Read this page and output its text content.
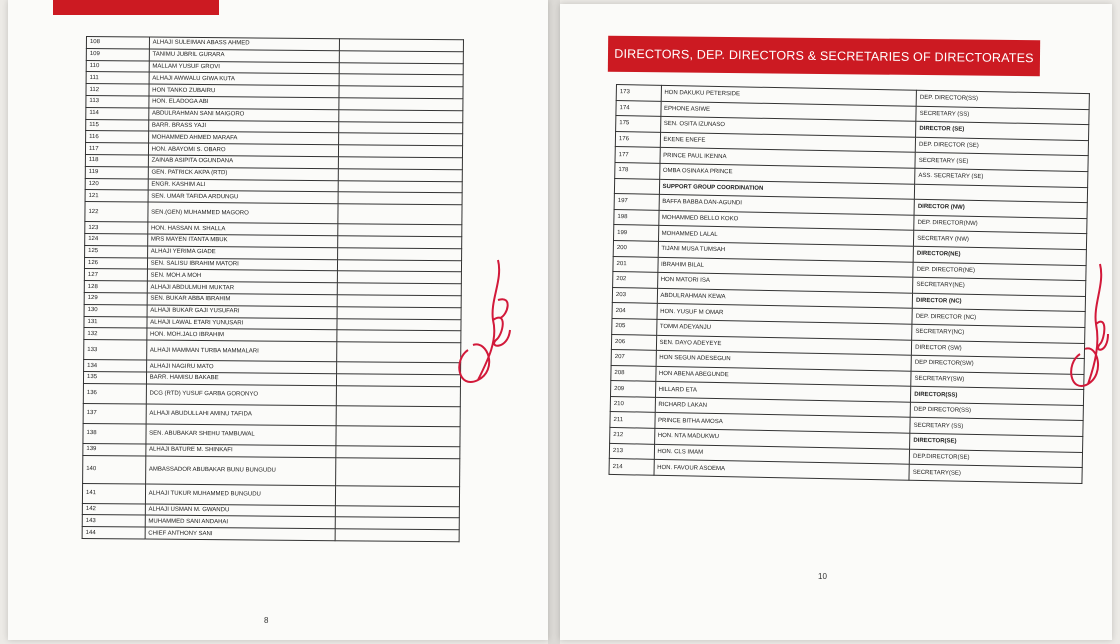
108	ALHAJI SULEIMAN ABASS AHMED	
109	TANIMU JUBRIL GURARA	
110	MALLAM YUSUF GROVI	
111	ALHAJI AWWALU GIWA KUTA	
112	HON TANKO ZUBAIRU	
113	HON. ELADOGA ABI	
114	ABDULRAHMAN SANI MAIGORO	
115	BARR. BRASS YAJI	
116	MOHAMMED AHMED MARAFA	
117	HON. ABAYOMI S. OBARO	
118	ZAINAB ASIPITA OGUNDANA	
119	GEN. PATRICK AKPA (RTD)	
120	ENGR. KASHIM ALI	
121	SEN. UMAR TAFIDA ARDUNGU	
122	SEN.(GEN) MUHAMMED MAGORO	
123	HON. HASSAN M. SHALLA	
124	MRS MAYEN ITANTA MBUK	
125	ALHAJI YERIMA GIADE	
126	SEN. SALISU IBRAHIM MATORI	
127	SEN. MOH.A MOH	
128	ALHAJI ABDULMUHI MUKTAR	
129	SEN. BUKAR ABBA IBRAHIM	
130	ALHAJI BUKAR GAJI YUSUFARI	
131	ALHAJI LAWAL ETARI YUNUSARI	
132	HON. MOH.JALO IBRAHIM	
133	ALHAJI MAMMAN TURBA MAMMALARI	
134	ALHAJI NAGIRU MATO	
135	BARR. HAMISU BAKABE	
136	DCG (RTD) YUSUF GARBA GORONYO	
137	ALHAJI ABUDULLAHI AMINU TAFIDA	
138	SEN. ABUBAKAR SHEHU TAMBUWAL	
139	ALHAJI BATURE M. SHINKAFI	
140	AMBASSADOR ABUBAKAR BUNU BUNGUDU	
141	ALHAJI TUKUR MUHAMMED BUNGUDU	
142	ALHAJI USMAN M. GWANDU	
143	MUHAMMED SANI ANDAHAI	
144	CHIEF ANTHONY SANI	
8
DIRECTORS, DEP. DIRECTORS & SECRETARIES OF DIRECTORATES
173	HON DAKUKU PETERSIDE	DEP. DIRECTOR(SS)
174	EPHONE ASIWE	SECRETARY (SS)
175	SEN. OSITA IZUNASO	DIRECTOR (SE)
176	EKENE ENEFE	DEP. DIRECTOR (SE)
177	PRINCE PAUL IKENNA	SECRETARY (SE)
178	OMBA OSINAKA PRINCE	ASS. SECRETARY (SE)
	SUPPORT GROUP COORDINATION	
197	BAFFA BABBA DAN-AGUNDI	DIRECTOR (NW)
198	MOHAMMED BELLO KOKO	DEP. DIRECTOR(NW)
199	MOHAMMED LALAL	SECRETARY (NW)
200	TIJANI MUSA TUMSAH	DIRECTOR(NE)
201	IBRAHIM BILAL	DEP. DIRECTOR(NE)
202	HON MATORI ISA	SECRETARY(NE)
203	ABDULRAHMAN KEWA	DIRECTOR (NC)
204	HON. YUSUF M OMAR	DEP. DIRECTOR (NC)
205	TOMM ADEYANJU	SECRETARY(NC)
206	SEN. DAYO ADEYEYE	DIRECTOR (SW)
207	HON SEGUN ADESEGUN	DEP DIRECTOR(SW)
208	HON ABENA ABEGUNDE	SECRETARY(SW)
209	HILLARD ETA	DIRECTOR(SS)
210	RICHARD LAKAN	DEP DIRECTOR(SS)
211	PRINCE BITHA AMOSA	SECRETARY (SS)
212	HON. NTA MADUKWU	DIRECTOR(SE)
213	HON. CLS IMAM	DEP.DIRECTOR(SE)
214	HON. FAVOUR ASOEMA	SECRETARY(SE)
10
